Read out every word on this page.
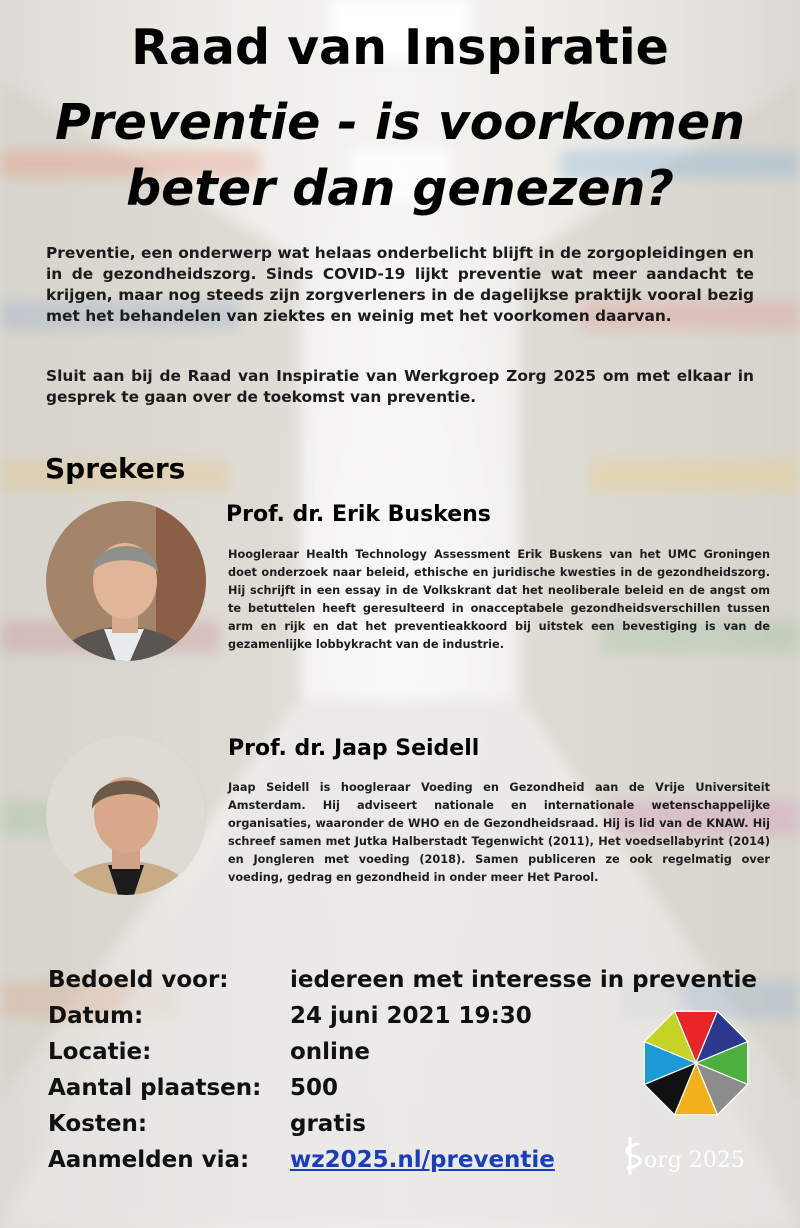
Raad van Inspiratie
Preventie - is voorkomen
beter dan genezen?

Preventie, een onderwerp wat helaas onderbelicht blijft in de zorgopleidingen en in de gezondheidszorg. Sinds COVID-19 lijkt preventie wat meer aandacht te krijgen, maar nog steeds zijn zorgverleners in de dagelijkse praktijk vooral bezig met het behandelen van ziektes en weinig met het voorkomen daarvan.

Sluit aan bij de Raad van Inspiratie van Werkgroep Zorg 2025 om met elkaar in gesprek te gaan over de toekomst van preventie.

Sprekers
Prof. dr. Erik Buskens

Hoogleraar Health Technology Assessment Erik Buskens van het UMC Groningen doet onderzoek naar beleid, ethische en juridische kwesties in de gezondheidszorg. Hij schrijft in een essay in de Volkskrant dat het neoliberale beleid en de angst om te betuttelen heeft geresulteerd in onacceptabele gezondheidsverschillen tussen arm en rijk en dat het preventieakkoord bij uitstek een bevestiging is van de gezamenlijke lobbykracht van de industrie.

Prof. dr. Jaap Seidell

Jaap Seidell is hoogleraar Voeding en Gezondheid aan de Vrije Universiteit Amsterdam. Hij adviseert nationale en internationale wetenschappelijke organisaties, waaronder de WHO en de Gezondheidsraad. Hij is lid van de KNAW. Hij schreef samen met Jutka Halberstadt Tegenwicht (2011), Het voedsellabyrint (2014) en Jongleren met voeding (2018). Samen publiceren ze ook regelmatig over voeding, gedrag en gezondheid in onder meer Het Parool.

Bedoeld voor:	iedereen met interesse in preventie
Datum:	24 juni 2021 19:30
Locatie:	online
Aantal plaatsen:	500
Kosten:	gratis
Aanmelden via:	wz2025.nl/preventie	org 2025
